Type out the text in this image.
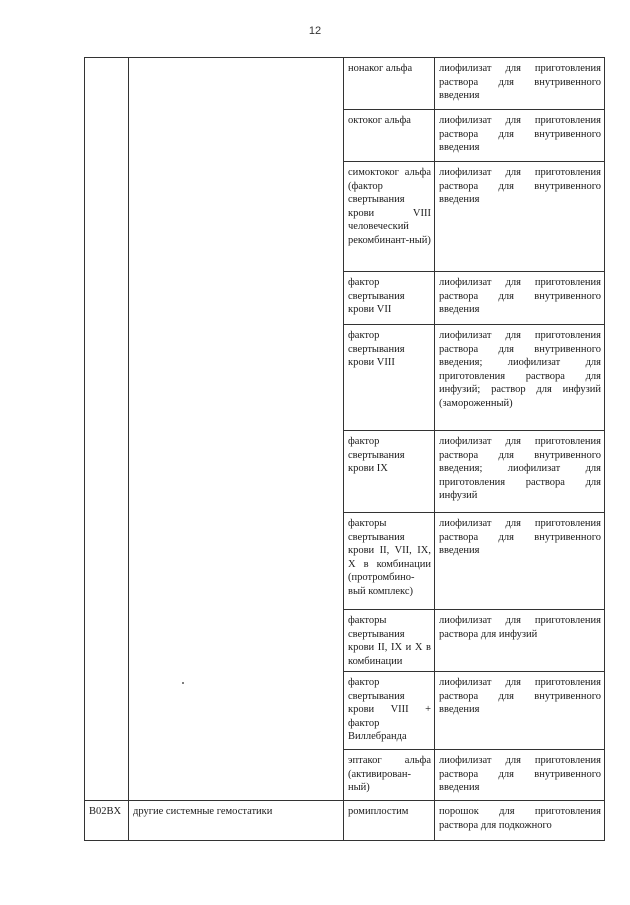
12
		нонаког альфа	лиофилизат для приготовления раствора для внутривенного введения
		октоког альфа	лиофилизат для приготовления раствора для внутривенного введения
		симоктоког альфа (фактор свертывания крови VIII человеческий рекомбинант-ный)	лиофилизат для приготовления раствора для внутривенного введения
		фактор свертывания крови VII	лиофилизат для приготовления раствора для внутривенного введения
		фактор свертывания крови VIII	лиофилизат для приготовления раствора для внутривенного введения; лиофилизат для приготовления раствора для инфузий; раствор для инфузий (замороженный)
		фактор свертывания крови IX	лиофилизат для приготовления раствора для внутривенного введения; лиофилизат для приготовления раствора для инфузий
		факторы свертывания крови II, VII, IX, X в комбинации (протромбино-вый комплекс)	лиофилизат для приготовления раствора для внутривенного введения
		факторы свертывания крови II, IX и X в комбинации	лиофилизат для приготовления раствора для инфузий
		фактор свертывания крови VIII + фактор Виллебранда	лиофилизат для приготовления раствора для внутривенного введения
		эптаког альфа (активирован-ный)	лиофилизат для приготовления раствора для внутривенного введения
B02BX	другие системные гемостатики	ромиплостим	порошок для приготовления раствора для подкожного
